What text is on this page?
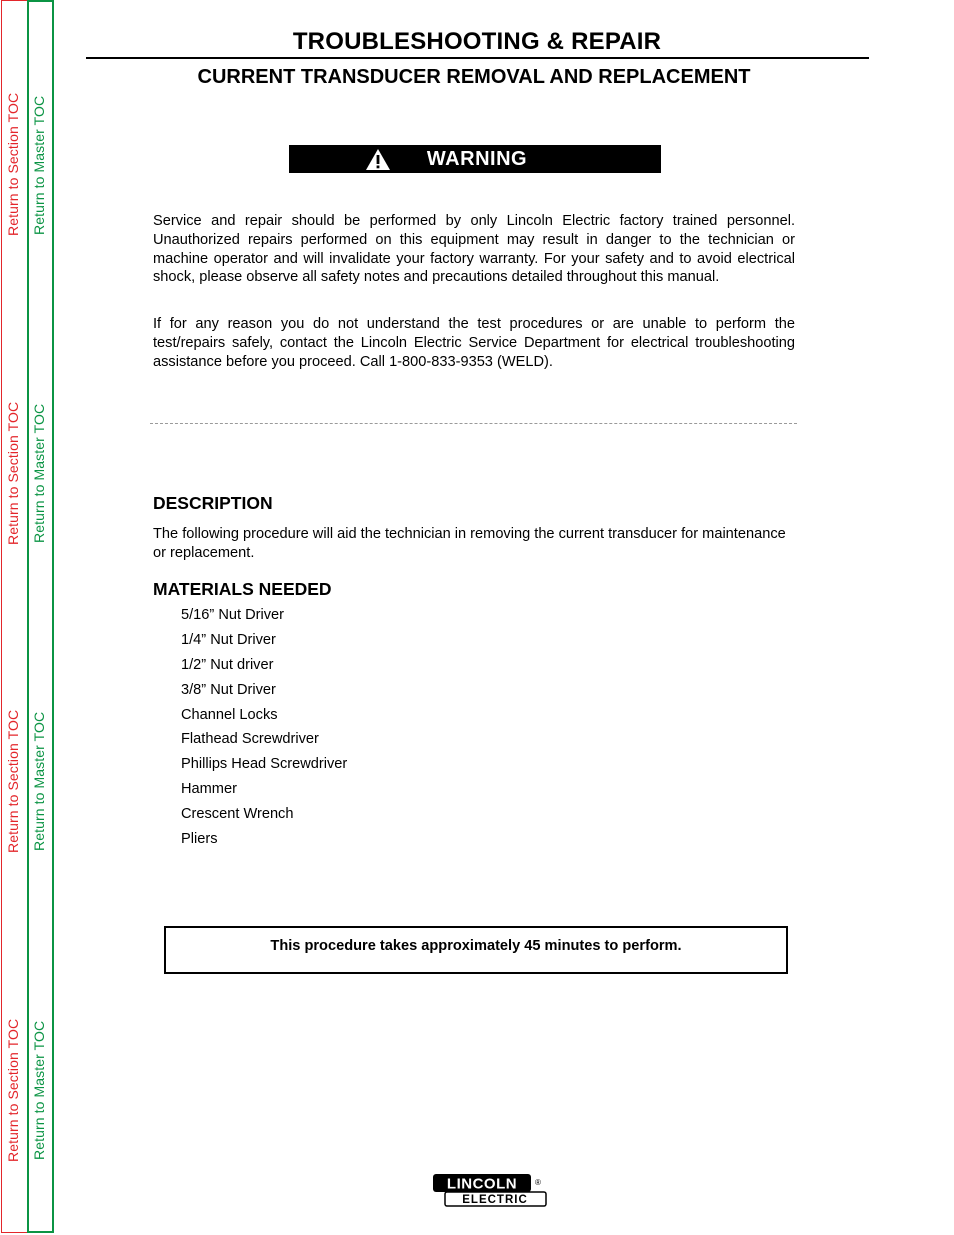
Return to Section TOC Return to Master TOC
Return to Section TOC Return to Master TOC
Return to Section TOC Return to Master TOC
Return to Section TOC Return to Master TOC
TROUBLESHOOTING & REPAIR
CURRENT TRANSDUCER REMOVAL AND REPLACEMENT
WARNING

Service and repair should be performed by only Lincoln Electric factory trained personnel. Unauthorized repairs performed on this equipment may result in danger to the technician or machine operator and will invalidate your factory warranty. For your safety and to avoid electrical shock, please observe all safety notes and precautions detailed throughout this manual.

If for any reason you do not understand the test procedures or are unable to perform the test/repairs safely, contact the Lincoln Electric Service Department for electrical troubleshooting assistance before you proceed. Call 1-800-833-9353 (WELD).

DESCRIPTION

The following procedure will aid the technician in removing the current transducer for maintenance or replacement.

MATERIALS NEEDED
5/16” Nut Driver
1/4” Nut Driver
1/2” Nut driver
3/8” Nut Driver
Channel Locks
Flathead Screwdriver
Phillips Head Screwdriver
Hammer
Crescent Wrench
Pliers
This procedure takes approximately 45 minutes to perform.
LINCOLN
ELECTRIC
®
